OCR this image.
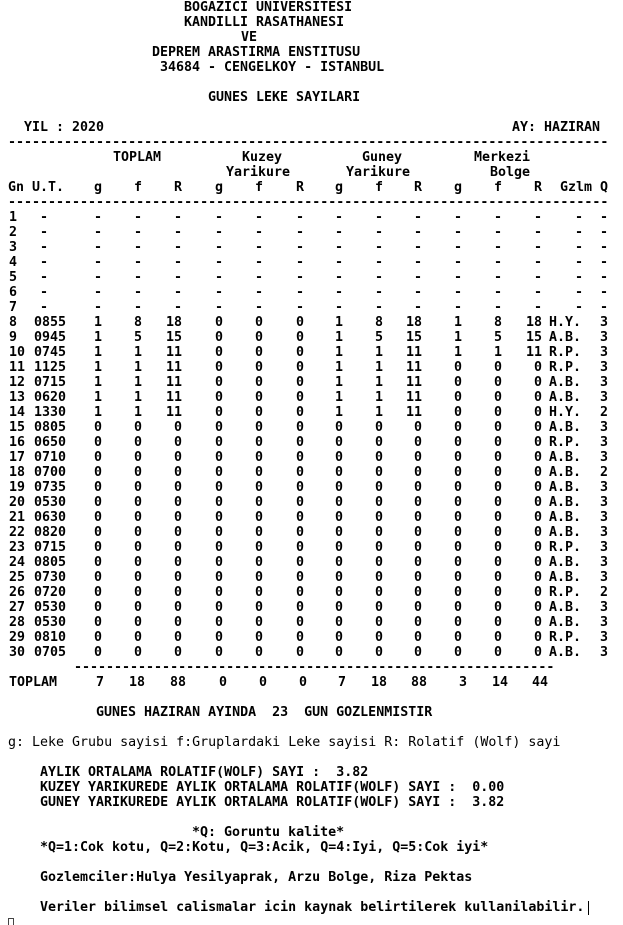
BOGAZICI UNIVERSITESI
KANDILLI RASATHANESI
VE
DEPREM ARASTIRMA ENSTITUSU
34684 - CENGELKOY - ISTANBUL
GUNES LEKE SAYILARI
YIL : 2020	AY: HAZIRAN
---------------------------------------------------------------------------
TOPLAM	Kuzey
Yarikure
Guney
Yarikure
Merkezi
Bolge
Gn U.T. g f R g f R g f R g f R Gzlm Q
---------------------------------------------------------------------------
1 -	- - - - - - - - - - - - - -
2 -	- - - - - - - - - - - - - -
3 -	- - - - - - - - - - - - - -
4 -	- - - - - - - - - - - - - -
5 -	- - - - - - - - - - - - - -
6 -	- - - - - - - - - - - - - -
7 -	- - - - - - - - - - - - - -
8 0855 1 8 18 0 0 0 1 8 18 1 8 18 H.Y. 3
9 0945 1 5 15 0 0 0 1 5 15 1 5 15 A.B. 3
10 0745 1 1 11 0 0 0 1 1 11 1 1 11 R.P. 3
11 1125 1 1 11 0 0 0 1 1 11 0 0 0 R.P. 3
12 0715 1 1 11 0 0 0 1 1 11 0 0 0 A.B. 3
13 0620 1 1 11 0 0 0 1 1 11 0 0 0 A.B. 3
14 1330 1 1 11 0 0 0 1 1 11 0 0 0 H.Y. 2
15 0805 0 0 0 0 0 0 0 0 0 0 0 0 A.B. 3
16 0650 0 0 0 0 0 0 0 0 0 0 0 0 R.P. 3
17 0710 0 0 0 0 0 0 0 0 0 0 0 0 A.B. 3
18 0700 0 0 0 0 0 0 0 0 0 0 0 0 A.B. 2
19 0735 0 0 0 0 0 0 0 0 0 0 0 0 A.B. 3
20 0530 0 0 0 0 0 0 0 0 0 0 0 0 A.B. 3
21 0630 0 0 0 0 0 0 0 0 0 0 0 0 A.B. 3
22 0820 0 0 0 0 0 0 0 0 0 0 0 0 A.B. 3
23 0715 0 0 0 0 0 0 0 0 0 0 0 0 R.P. 3
24 0805 0 0 0 0 0 0 0 0 0 0 0 0 A.B. 3
25 0730 0 0 0 0 0 0 0 0 0 0 0 0 A.B. 3
26 0720 0 0 0 0 0 0 0 0 0 0 0 0 R.P. 2
27 0530 0 0 0 0 0 0 0 0 0 0 0 0 A.B. 3
28 0530 0 0 0 0 0 0 0 0 0 0 0 0 A.B. 3
29 0810 0 0 0 0 0 0 0 0 0 0 0 0 R.P. 3
30 0705 0 0 0 0 0 0 0 0 0 0 0 0 A.B. 3
------------------------------------------------------------
TOPLAM	7 18 88 0 0 0 7 18 88 3 14 44
GUNES HAZIRAN AYINDA  23  GUN GOZLENMISTIR
g: Leke Grubu sayisi f:Gruplardaki Leke sayisi R: Rolatif (Wolf) sayi
AYLIK ORTALAMA ROLATIF(WOLF) SAYI :  3.82
KUZEY YARIKUREDE AYLIK ORTALAMA ROLATIF(WOLF) SAYI :  0.00
GUNEY YARIKUREDE AYLIK ORTALAMA ROLATIF(WOLF) SAYI :  3.82
*Q: Goruntu kalite*
*Q=1:Cok kotu, Q=2:Kotu, Q=3:Acik, Q=4:Iyi, Q=5:Cok iyi*
Gozlemciler:Hulya Yesilyaprak, Arzu Bolge, Riza Pektas
Veriler bilimsel calismalar icin kaynak belirtilerek kullanilabilir.
